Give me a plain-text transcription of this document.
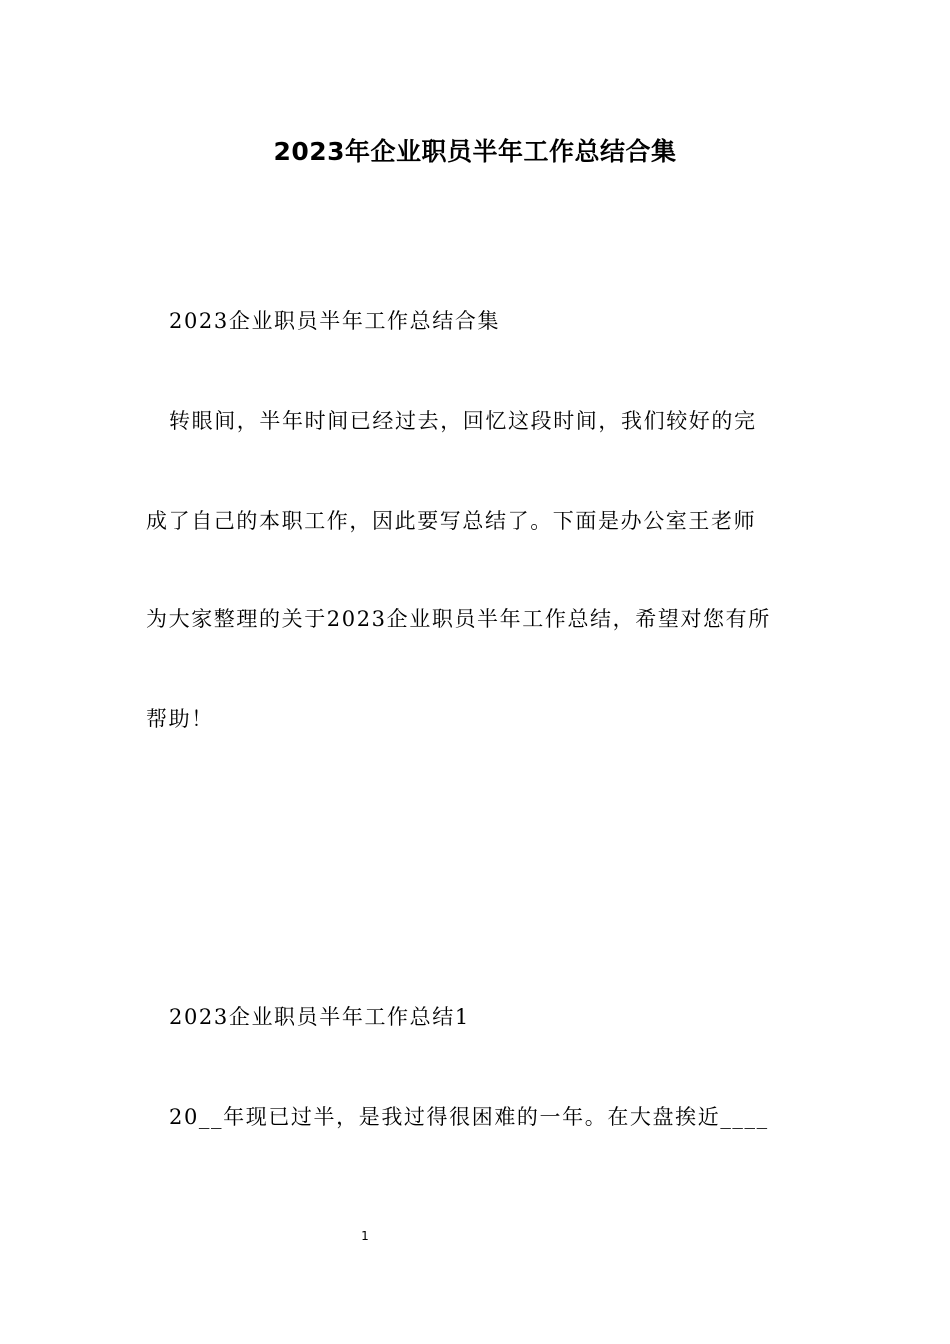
2023年企业职员半年工作总结合集
2023企业职员半年工作总结合集
转眼间，半年时间已经过去，回忆这段时间，我们较好的完
成了自己的本职工作，因此要写总结了。下面是办公室王老师
为大家整理的关于2023企业职员半年工作总结，希望对您有所
帮助！
2023企业职员半年工作总结1
20__年现已过半，是我过得很困难的一年。在大盘挨近____
1
